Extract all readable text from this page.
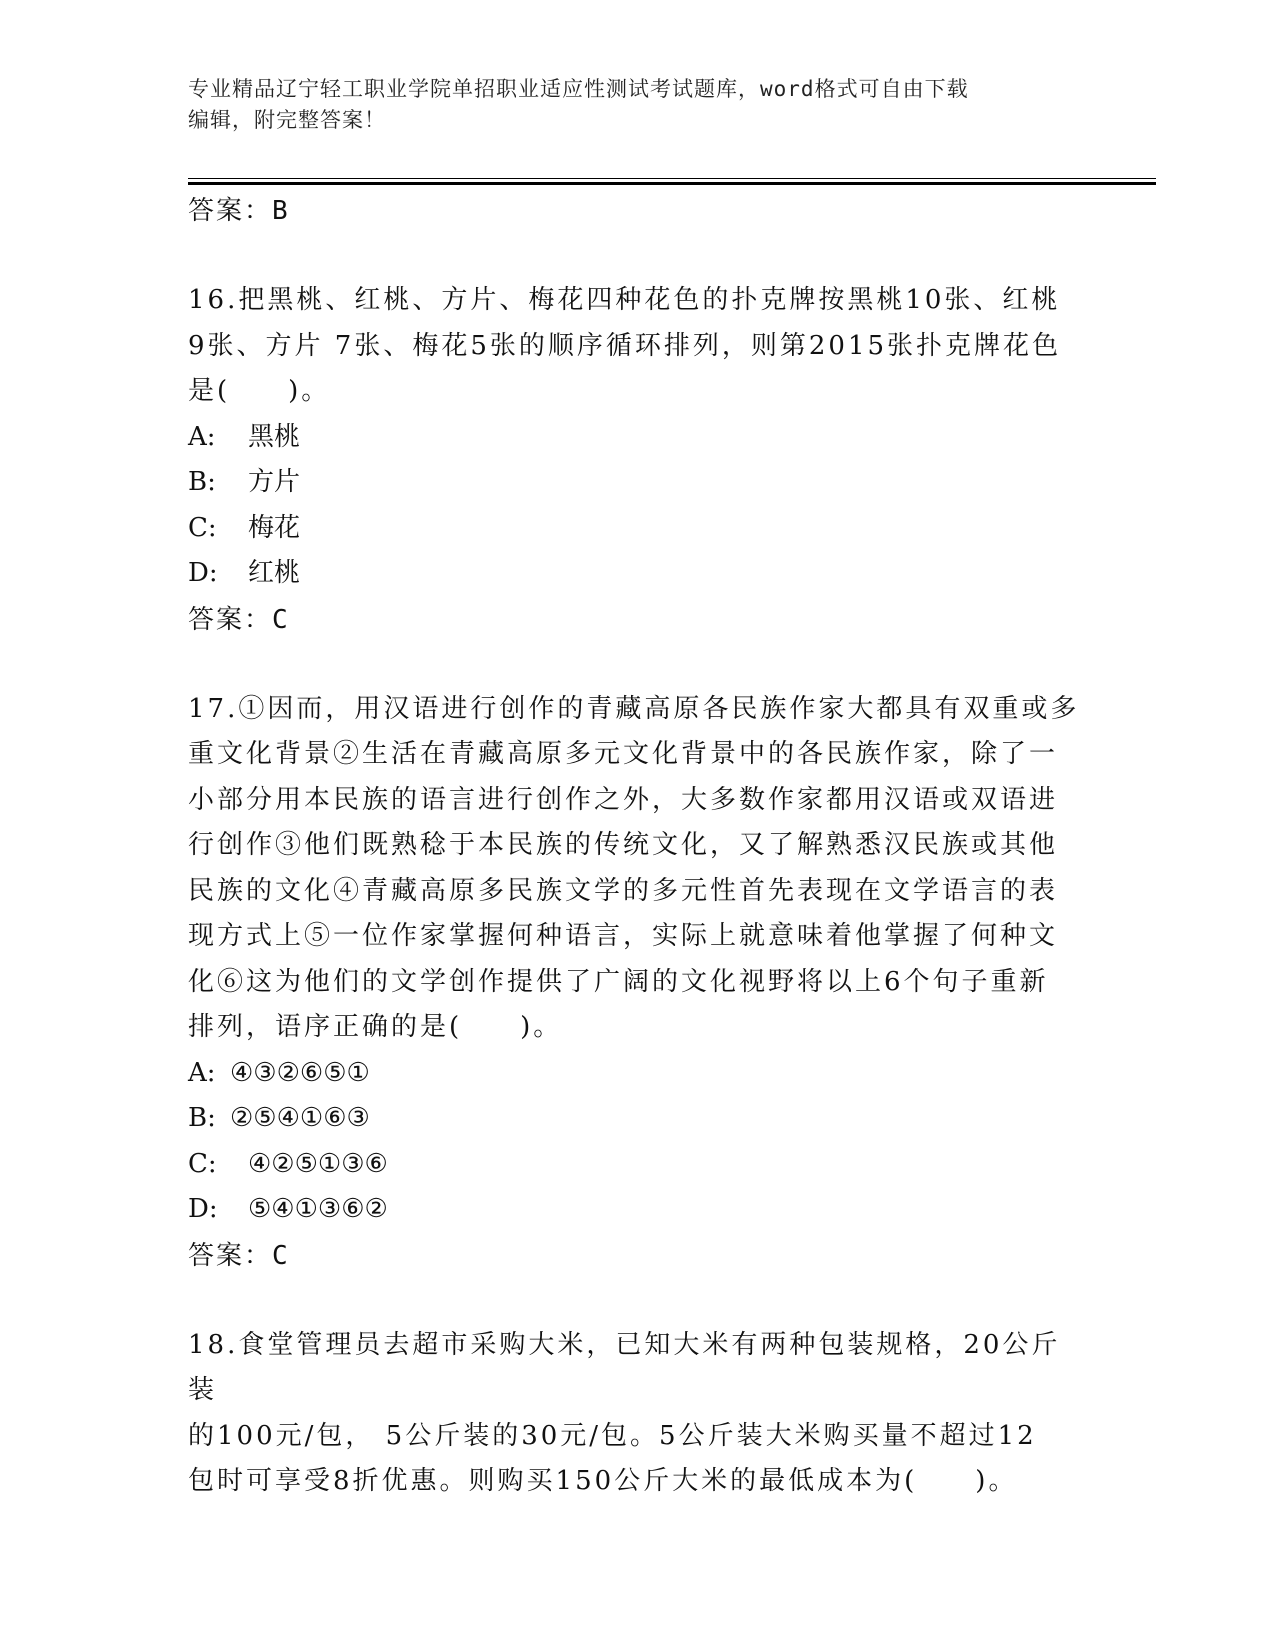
专业精品辽宁轻工职业学院单招职业适应性测试考试题库，word格式可自由下载
编辑，附完整答案！
答案：B
16.把黑桃、红桃、方片、梅花四种花色的扑克牌按黑桃10张、红桃
9张、方片 7张、梅花5张的顺序循环排列，则第2015张扑克牌花色
是(　　)。
A:	黑桃
B:	方片
C:	梅花
D:	红桃
答案：C
17.①因而，用汉语进行创作的青藏高原各民族作家大都具有双重或多
重文化背景②生活在青藏高原多元文化背景中的各民族作家，除了一
小部分用本民族的语言进行创作之外，大多数作家都用汉语或双语进
行创作③他们既熟稔于本民族的传统文化，又了解熟悉汉民族或其他
民族的文化④青藏高原多民族文学的多元性首先表现在文学语言的表
现方式上⑤一位作家掌握何种语言，实际上就意味着他掌握了何种文
化⑥这为他们的文学创作提供了广阔的文化视野将以上6个句子重新
排列，语序正确的是(　　)。
A: ④③②⑥⑤①
B: ②⑤④①⑥③
C:	④②⑤①③⑥
D:	⑤④①③⑥②
答案：C
18.食堂管理员去超市采购大米，已知大米有两种包装规格，20公斤装
的100元/包， 5公斤装的30元/包。5公斤装大米购买量不超过12
包时可享受8折优惠。则购买150公斤大米的最低成本为(　　)。
